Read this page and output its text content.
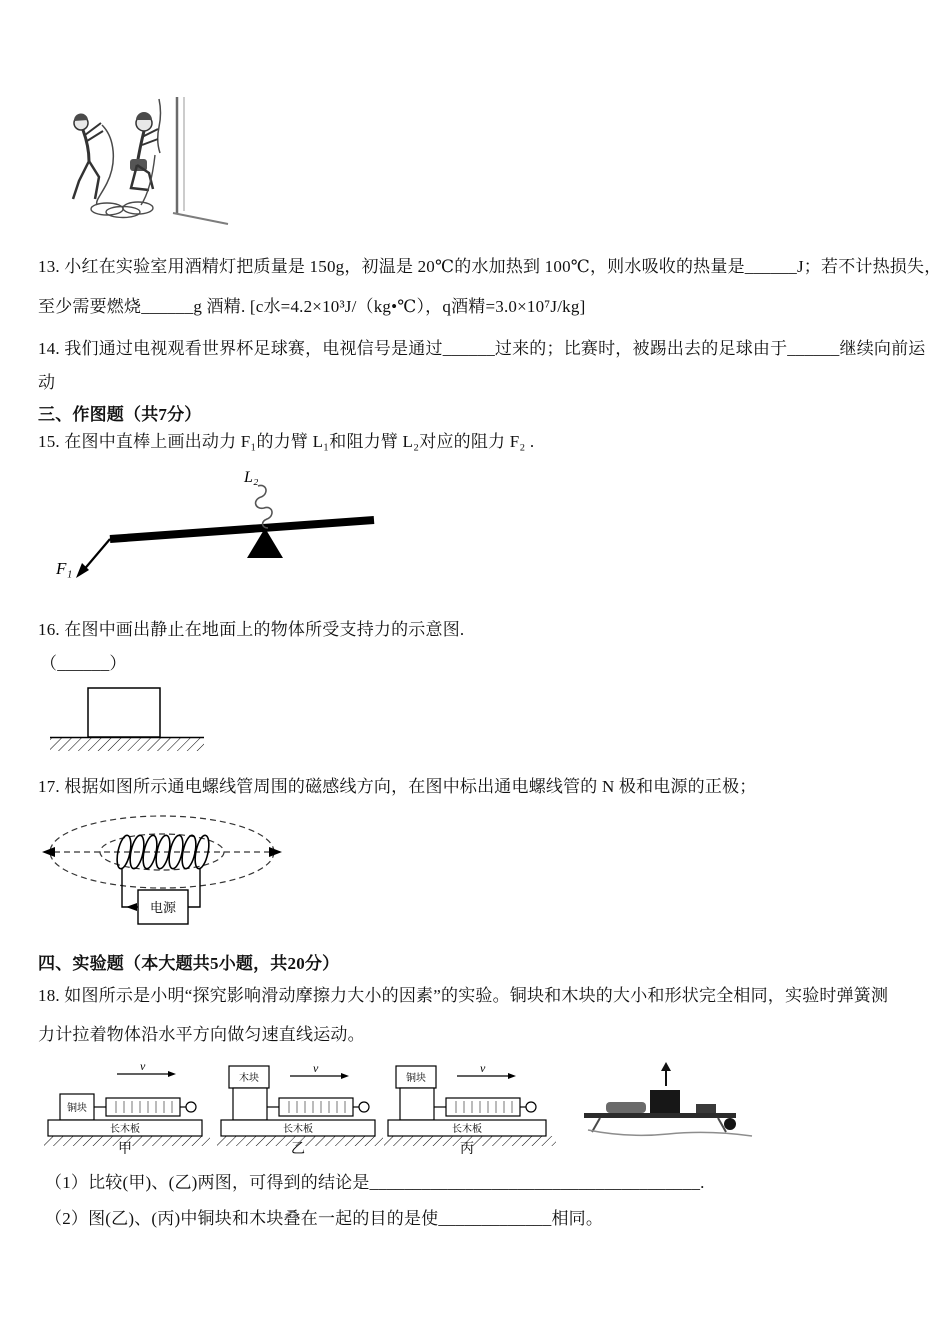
13. 小红在实验室用酒精灯把质量是 150g，初温是 20℃的水加热到 100℃，则水吸收的热量是______J；若不计热损失，
至少需要燃烧______g 酒精. [c水=4.2×10³J/（kg•℃），q酒精=3.0×10⁷J/kg]
14. 我们通过电视观看世界杯足球赛，电视信号是通过______过来的；比赛时，被踢出去的足球由于______继续向前运
动
三、作图题（共7分）
15. 在图中直棒上画出动力 F₁的力臂 L₁和阻力臂 L₂对应的阻力 F₂ .
F₁
L₂
16. 在图中画出静止在地面上的物体所受支持力的示意图.
（______）
17. 根据如图所示通电螺线管周围的磁感线方向，在图中标出通电螺线管的 N 极和电源的正极；
电源
四、实验题（本大题共5小题，共20分）
18. 如图所示是小明“探究影响滑动摩擦力大小的因素”的实验。铜块和木块的大小和形状完全相同，实验时弹簧测
力计拉着物体沿水平方向做匀速直线运动。
v
铜块
长木板
甲
木块
v
长木板
乙
铜块
v
长木板
丙
（1）比较(甲)、(乙)两图，可得到的结论是______________________________________.
（2）图(乙)、(丙)中铜块和木块叠在一起的目的是使_____________相同。
